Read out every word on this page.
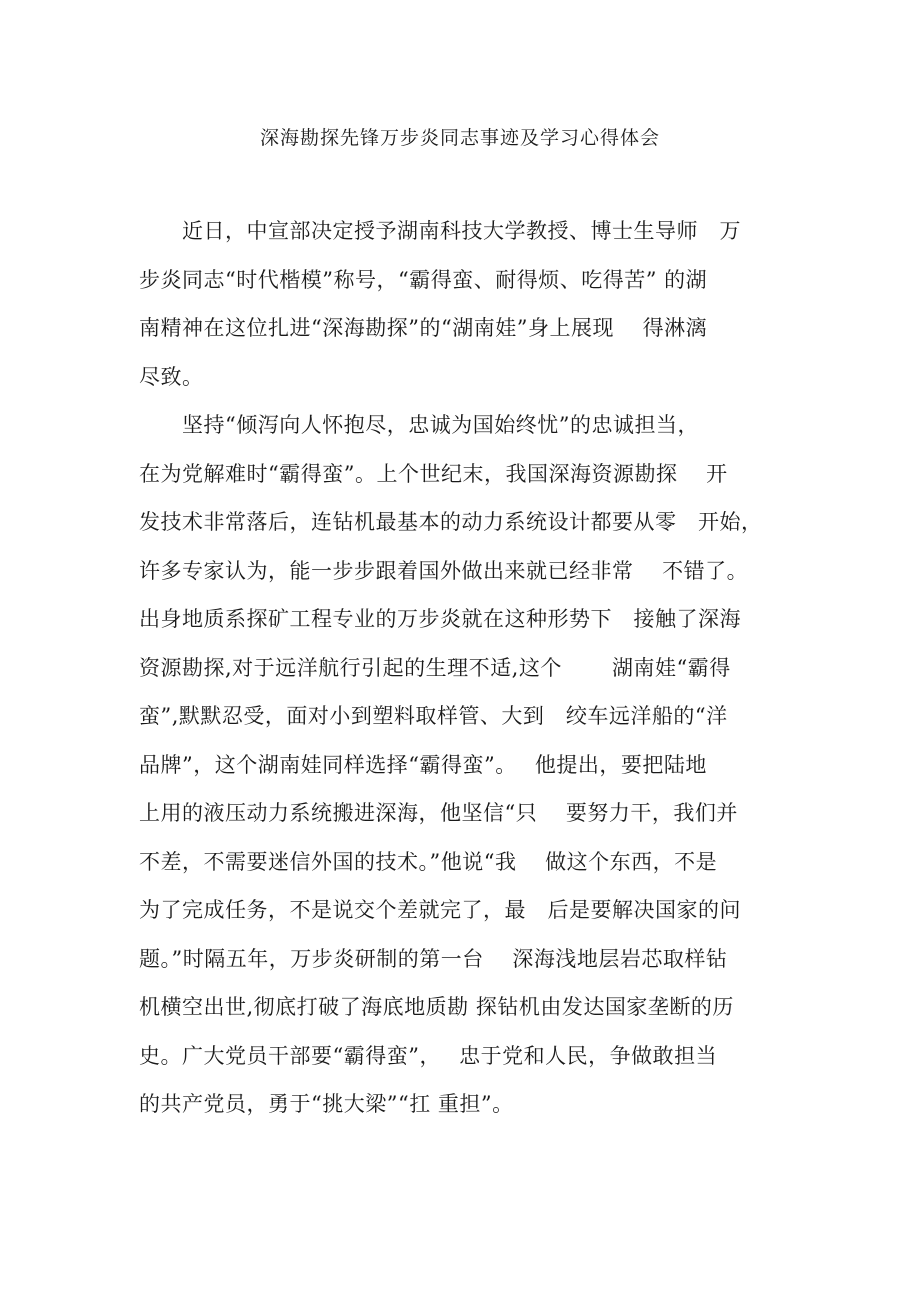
深海勘探先锋万步炎同志事迹及学习心得体会
　　近日，中宣部决定授予湖南科技大学教授、博士生导师　万
步炎同志“时代楷模”称号，“霸得蛮、耐得烦、吃得苦” 的湖
南精神在这位扎进“深海勘探”的“湖南娃”身上展现　 得淋漓
尽致。
　　坚持“倾泻向人怀抱尽，忠诚为国始终忧”的忠诚担当，
在为党解难时“霸得蛮”。上个世纪末，我国深海资源勘探　 开
发技术非常落后，连钻机最基本的动力系统设计都要从零　开始，
许多专家认为，能一步步跟着国外做出来就已经非常　 不错了。
出身地质系探矿工程专业的万步炎就在这种形势下　接触了深海
资源勘探,对于远洋航行引起的生理不适,这个　　 湖南娃“霸得
蛮”,默默忍受，面对小到塑料取样管、大到　绞车远洋船的“洋
品牌”，这个湖南娃同样选择“霸得蛮”。　 他提出，要把陆地
上用的液压动力系统搬进深海，他坚信“只　 要努力干，我们并
不差，不需要迷信外国的技术。”他说“我　 做这个东西，不是
为了完成任务，不是说交个差就完了，最　后是要解决国家的问
题。”时隔五年，万步炎研制的第一台　 深海浅地层岩芯取样钻
机横空出世,彻底打破了海底地质勘 探钻机由发达国家垄断的历
史。广大党员干部要“霸得蛮”，　 忠于党和人民，争做敢担当
的共产党员，勇于“挑大梁”“扛 重担”。
